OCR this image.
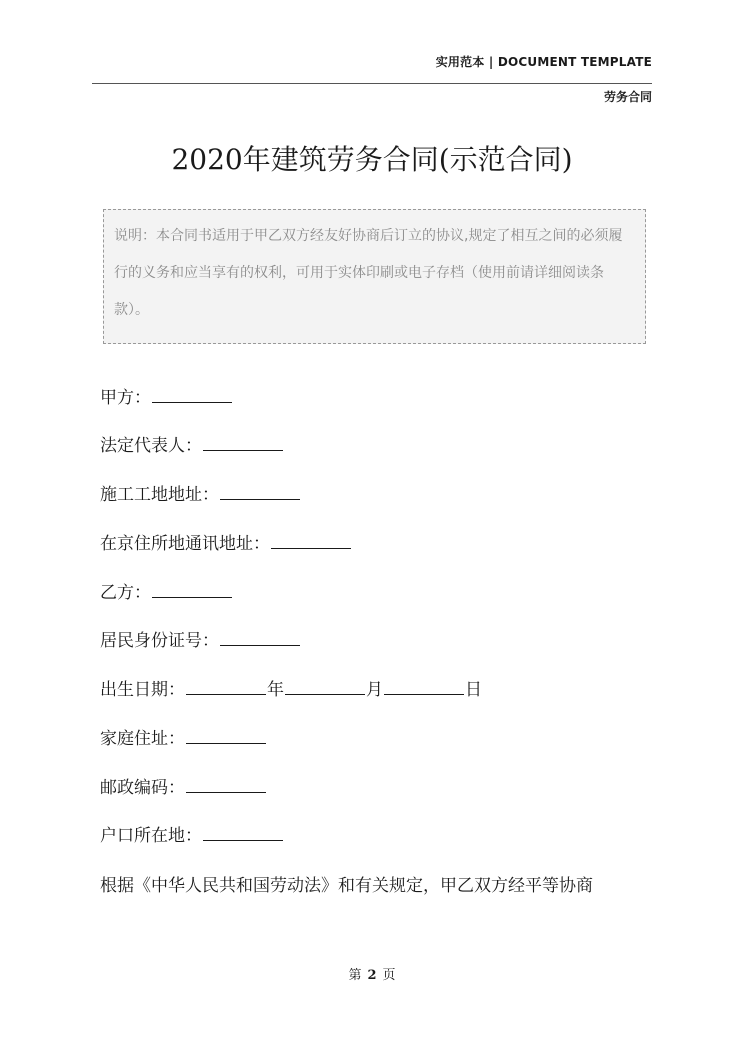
实用范本 | DOCUMENT TEMPLATE
劳务合同
2020年建筑劳务合同(示范合同)
说明：本合同书适用于甲乙双方经友好协商后订立的协议,规定了相互之间的必须履行的义务和应当享有的权利，可用于实体印刷或电子存档（使用前请详细阅读条款）。
甲方：
法定代表人：
施工工地地址：
在京住所地通讯地址：
乙方：
居民身份证号：
出生日期：	年	月	日
家庭住址：
邮政编码：
户口所在地：
根据《中华人民共和国劳动法》和有关规定，甲乙双方经平等协商
第 2 页
